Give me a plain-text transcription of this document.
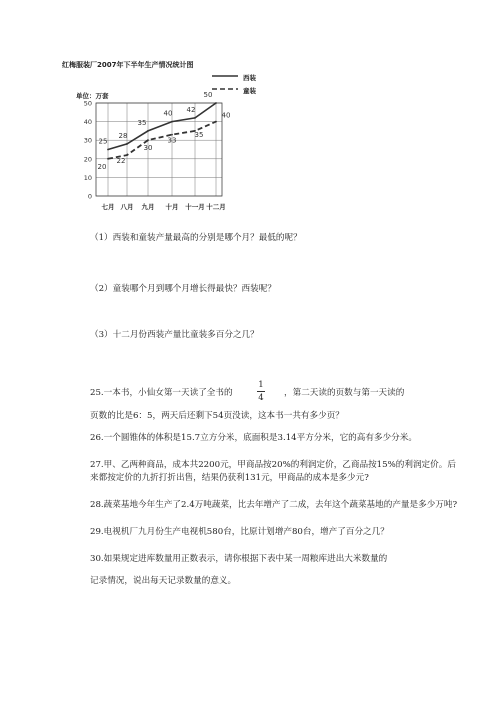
红梅服装厂2007年下半年生产情况统计图
单位：万套
西装
童装
0
10
20
30
40
50
七月 八月 九月 十月 十一月 十二月
25
28
35
40 42
50
20
22
30
33
35
40
（1）西装和童装产量最高的分别是哪个月？最低的呢？
（2）童装哪个月到哪个月增长得最快？西装呢？
（3）十二月份西装产量比童装多百分之几？
25.一本书，小仙女第一天读了全书的
1
4 ，第二天读的页数与第一天读的
页数的比是6：5，两天后还剩下54页没读，这本书一共有多少页？
26.一个圆锥体的体积是15.7立方分米，底面积是3.14平方分米，它的高有多少分米。
27.甲、乙两种商品，成本共2200元，甲商品按20%的利润定价，乙商品按15%的利润定价。后来都按定价的九折打折出售，结果仍获利131元，甲商品的成本是多少元?
28.蔬菜基地今年生产了2.4万吨蔬菜，比去年增产了二成，去年这个蔬菜基地的产量是多少万吨?
29.电视机厂九月份生产电视机580台，比原计划增产80台，增产了百分之几？
30.如果规定进库数量用正数表示，请你根据下表中某一周粮库进出大米数量的
记录情况，说出每天记录数量的意义。
